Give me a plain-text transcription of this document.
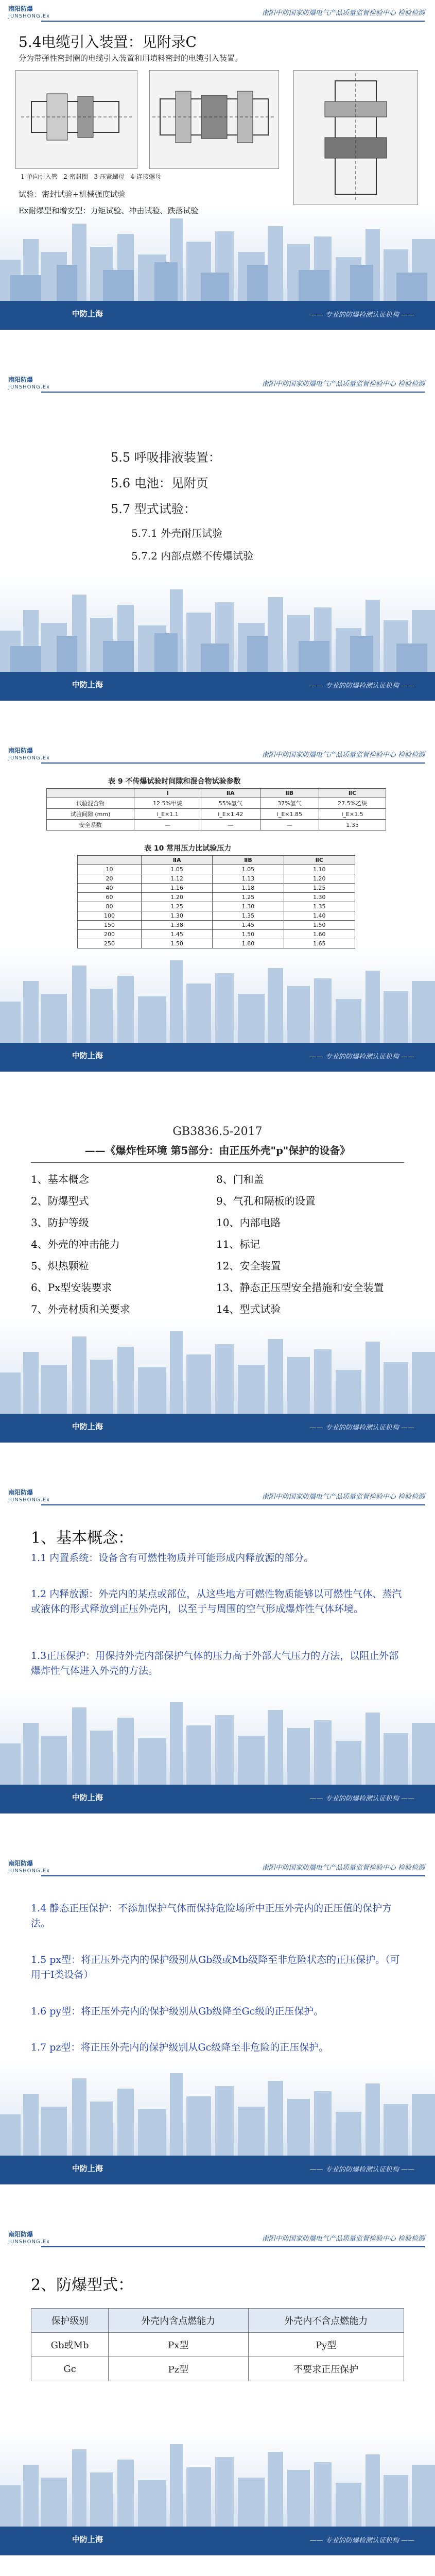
南阳防爆
JUNSHONG.Ex	南阳中防国家防爆电气产品质量监督检验中心 检验检测
5.4电缆引入装置：见附录C
分为带弹性密封圈的电缆引入装置和用填料密封的电缆引入装置。
1-单向引入管 2-密封圈 3-压紧螺母 4-连接螺母
试验：密封试验+机械强度试验
Ex耐爆型和增安型：力矩试验、冲击试验、跌落试验
中防上海	—— 专业的防爆检测认证机构 ——
南阳防爆
JUNSHONG.Ex	南阳中防国家防爆电气产品质量监督检验中心 检验检测
5.5 呼吸排液装置：
5.6 电池：见附页
5.7 型式试验：
5.7.1 外壳耐压试验
5.7.2 内部点燃不传爆试验
中防上海	—— 专业的防爆检测认证机构 ——
南阳防爆
JUNSHONG.Ex	南阳中防国家防爆电气产品质量监督检验中心 检验检测
表 9 不传爆试验时间隙和混合物试验参数
	Ⅰ	ⅡA	ⅡB	ⅡC
试验混合物	12.5%甲烷	55%氢气	37%氢气	27.5%乙炔
试验间隙 (mm)	i_E×1.1	i_E×1.42	i_E×1.85	i_E×1.5
安全系数	—	—	—	1.35
表 10 常用压力比试验压力
	ⅡA	ⅡB	ⅡC
10	1.05	1.05	1.10
20	1.12	1.13	1.20
40	1.16	1.18	1.25
60	1.20	1.25	1.30
80	1.25	1.30	1.35
100	1.30	1.35	1.40
150	1.38	1.45	1.50
200	1.45	1.50	1.60
250	1.50	1.60	1.65
中防上海	—— 专业的防爆检测认证机构 ——
GB3836.5-2017
——《爆炸性环境 第5部分：由正压外壳"p"保护的设备》
1、基本概念
2、防爆型式
3、防护等级
4、外壳的冲击能力
5、炽热颗粒
6、Px型安装要求
7、外壳材质和关要求
8、门和盖
9、气孔和隔板的设置
10、内部电路
11、标记
12、安全装置
13、静态正压型安全措施和安全装置
14、型式试验
中防上海	—— 专业的防爆检测认证机构 ——
南阳防爆
JUNSHONG.Ex	南阳中防国家防爆电气产品质量监督检验中心 检验检测
1、基本概念：
1.1 内置系统：设备含有可燃性物质并可能形成内释放源的部分。
1.2 内释放源：外壳内的某点或部位，从这些地方可燃性物质能够以可燃性气体、蒸汽或液体的形式释放到正压外壳内，以至于与周围的空气形成爆炸性气体环境。
1.3正压保护：用保持外壳内部保护气体的压力高于外部大气压力的方法，以阻止外部爆炸性气体进入外壳的方法。
中防上海	—— 专业的防爆检测认证机构 ——
南阳防爆
JUNSHONG.Ex	南阳中防国家防爆电气产品质量监督检验中心 检验检测
1.4 静态正压保护：不添加保护气体而保持危险场所中正压外壳内的正压值的保护方法。
1.5 px型：将正压外壳内的保护级别从Gb级或Mb级降至非危险状态的正压保护。（可用于I类设备）
1.6 py型：将正压外壳内的保护级别从Gb级降至Gc级的正压保护。
1.7 pz型：将正压外壳内的保护级别从Gc级降至非危险的正压保护。
中防上海	—— 专业的防爆检测认证机构 ——
南阳防爆
JUNSHONG.Ex	南阳中防国家防爆电气产品质量监督检验中心 检验检测
2、防爆型式：
保护级别	外壳内含点燃能力	外壳内不含点燃能力
Gb或Mb	Px型	Py型
Gc	Pz型	不要求正压保护
中防上海	—— 专业的防爆检测认证机构 ——
